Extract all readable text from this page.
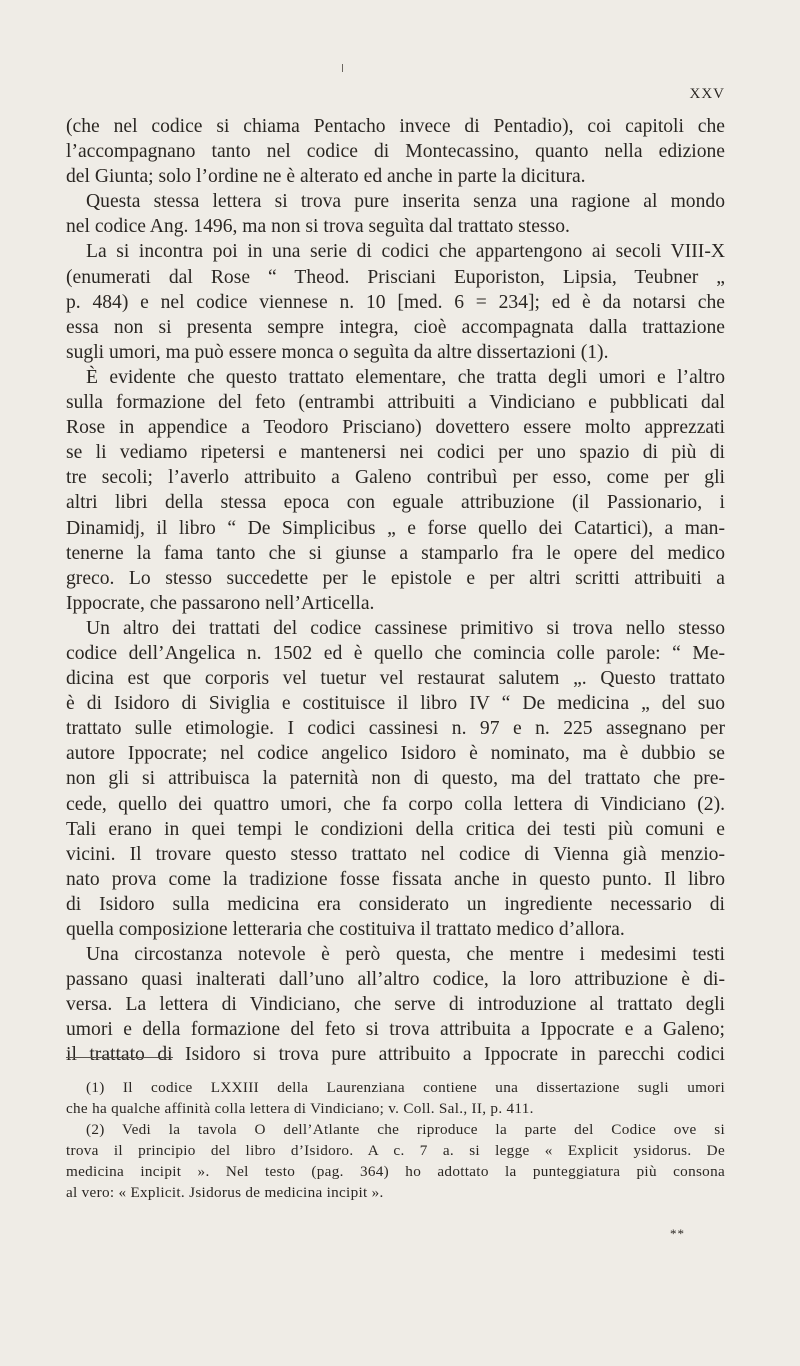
XXV

(che nel codice si chiama Pentacho invece di Pentadio), coi capitoli che
l’accompagnano tanto nel codice di Montecassino, quanto nella edizione
del Giunta; solo l’ordine ne è alterato ed anche in parte la dicitura.

Questa stessa lettera si trova pure inserita senza una ragione al mondo
nel codice Ang. 1496, ma non si trova seguìta dal trattato stesso.

La si incontra poi in una serie di codici che appartengono ai secoli VIII-X
(enumerati dal Rose “ Theod. Prisciani Euporiston, Lipsia, Teubner „
p. 484) e nel codice viennese n. 10 [med. 6 = 234]; ed è da notarsi che
essa non si presenta sempre integra, cioè accompagnata dalla trattazione
sugli umori, ma può essere monca o seguìta da altre dissertazioni (1).

È evidente che questo trattato elementare, che tratta degli umori e l’altro
sulla formazione del feto (entrambi attribuiti a Vindiciano e pubblicati dal
Rose in appendice a Teodoro Prisciano) dovettero essere molto apprezzati
se li vediamo ripetersi e mantenersi nei codici per uno spazio di più di
tre secoli; l’averlo attribuito a Galeno contribuì per esso, come per gli
altri libri della stessa epoca con eguale attribuzione (il Passionario, i
Dinamidj, il libro “ De Simplicibus „ e forse quello dei Catartici), a man-
tenerne la fama tanto che si giunse a stamparlo fra le opere del medico
greco. Lo stesso succedette per le epistole e per altri scritti attribuiti a
Ippocrate, che passarono nell’Articella.

Un altro dei trattati del codice cassinese primitivo si trova nello stesso
codice dell’Angelica n. 1502 ed è quello che comincia colle parole: “ Me-
dicina est que corporis vel tuetur vel restaurat salutem „. Questo trattato
è di Isidoro di Siviglia e costituisce il libro IV “ De medicina „ del suo
trattato sulle etimologie. I codici cassinesi n. 97 e n. 225 assegnano per
autore Ippocrate; nel codice angelico Isidoro è nominato, ma è dubbio se
non gli si attribuisca la paternità non di questo, ma del trattato che pre-
cede, quello dei quattro umori, che fa corpo colla lettera di Vindiciano (2).
Tali erano in quei tempi le condizioni della critica dei testi più comuni e
vicini. Il trovare questo stesso trattato nel codice di Vienna già menzio-
nato prova come la tradizione fosse fissata anche in questo punto. Il libro
di Isidoro sulla medicina era considerato un ingrediente necessario di
quella composizione letteraria che costituiva il trattato medico d’allora.

Una circostanza notevole è però questa, che mentre i medesimi testi
passano quasi inalterati dall’uno all’altro codice, la loro attribuzione è di-
versa. La lettera di Vindiciano, che serve di introduzione al trattato degli
umori e della formazione del feto si trova attribuita a Ippocrate e a Galeno;
il trattato di Isidoro si trova pure attribuito a Ippocrate in parecchi codici

(1) Il codice LXXIII della Laurenziana contiene una dissertazione sugli umori
che ha qualche affinità colla lettera di Vindiciano; v. Coll. Sal., II, p. 411.

(2) Vedi la tavola O dell’Atlante che riproduce la parte del Codice ove si
trova il principio del libro d’Isidoro. A c. 7 a. si legge « Explicit ysidorus. De
medicina incipit ». Nel testo (pag. 364) ho adottato la punteggiatura più consona
al vero: « Explicit. Jsidorus de medicina incipit ».

**
